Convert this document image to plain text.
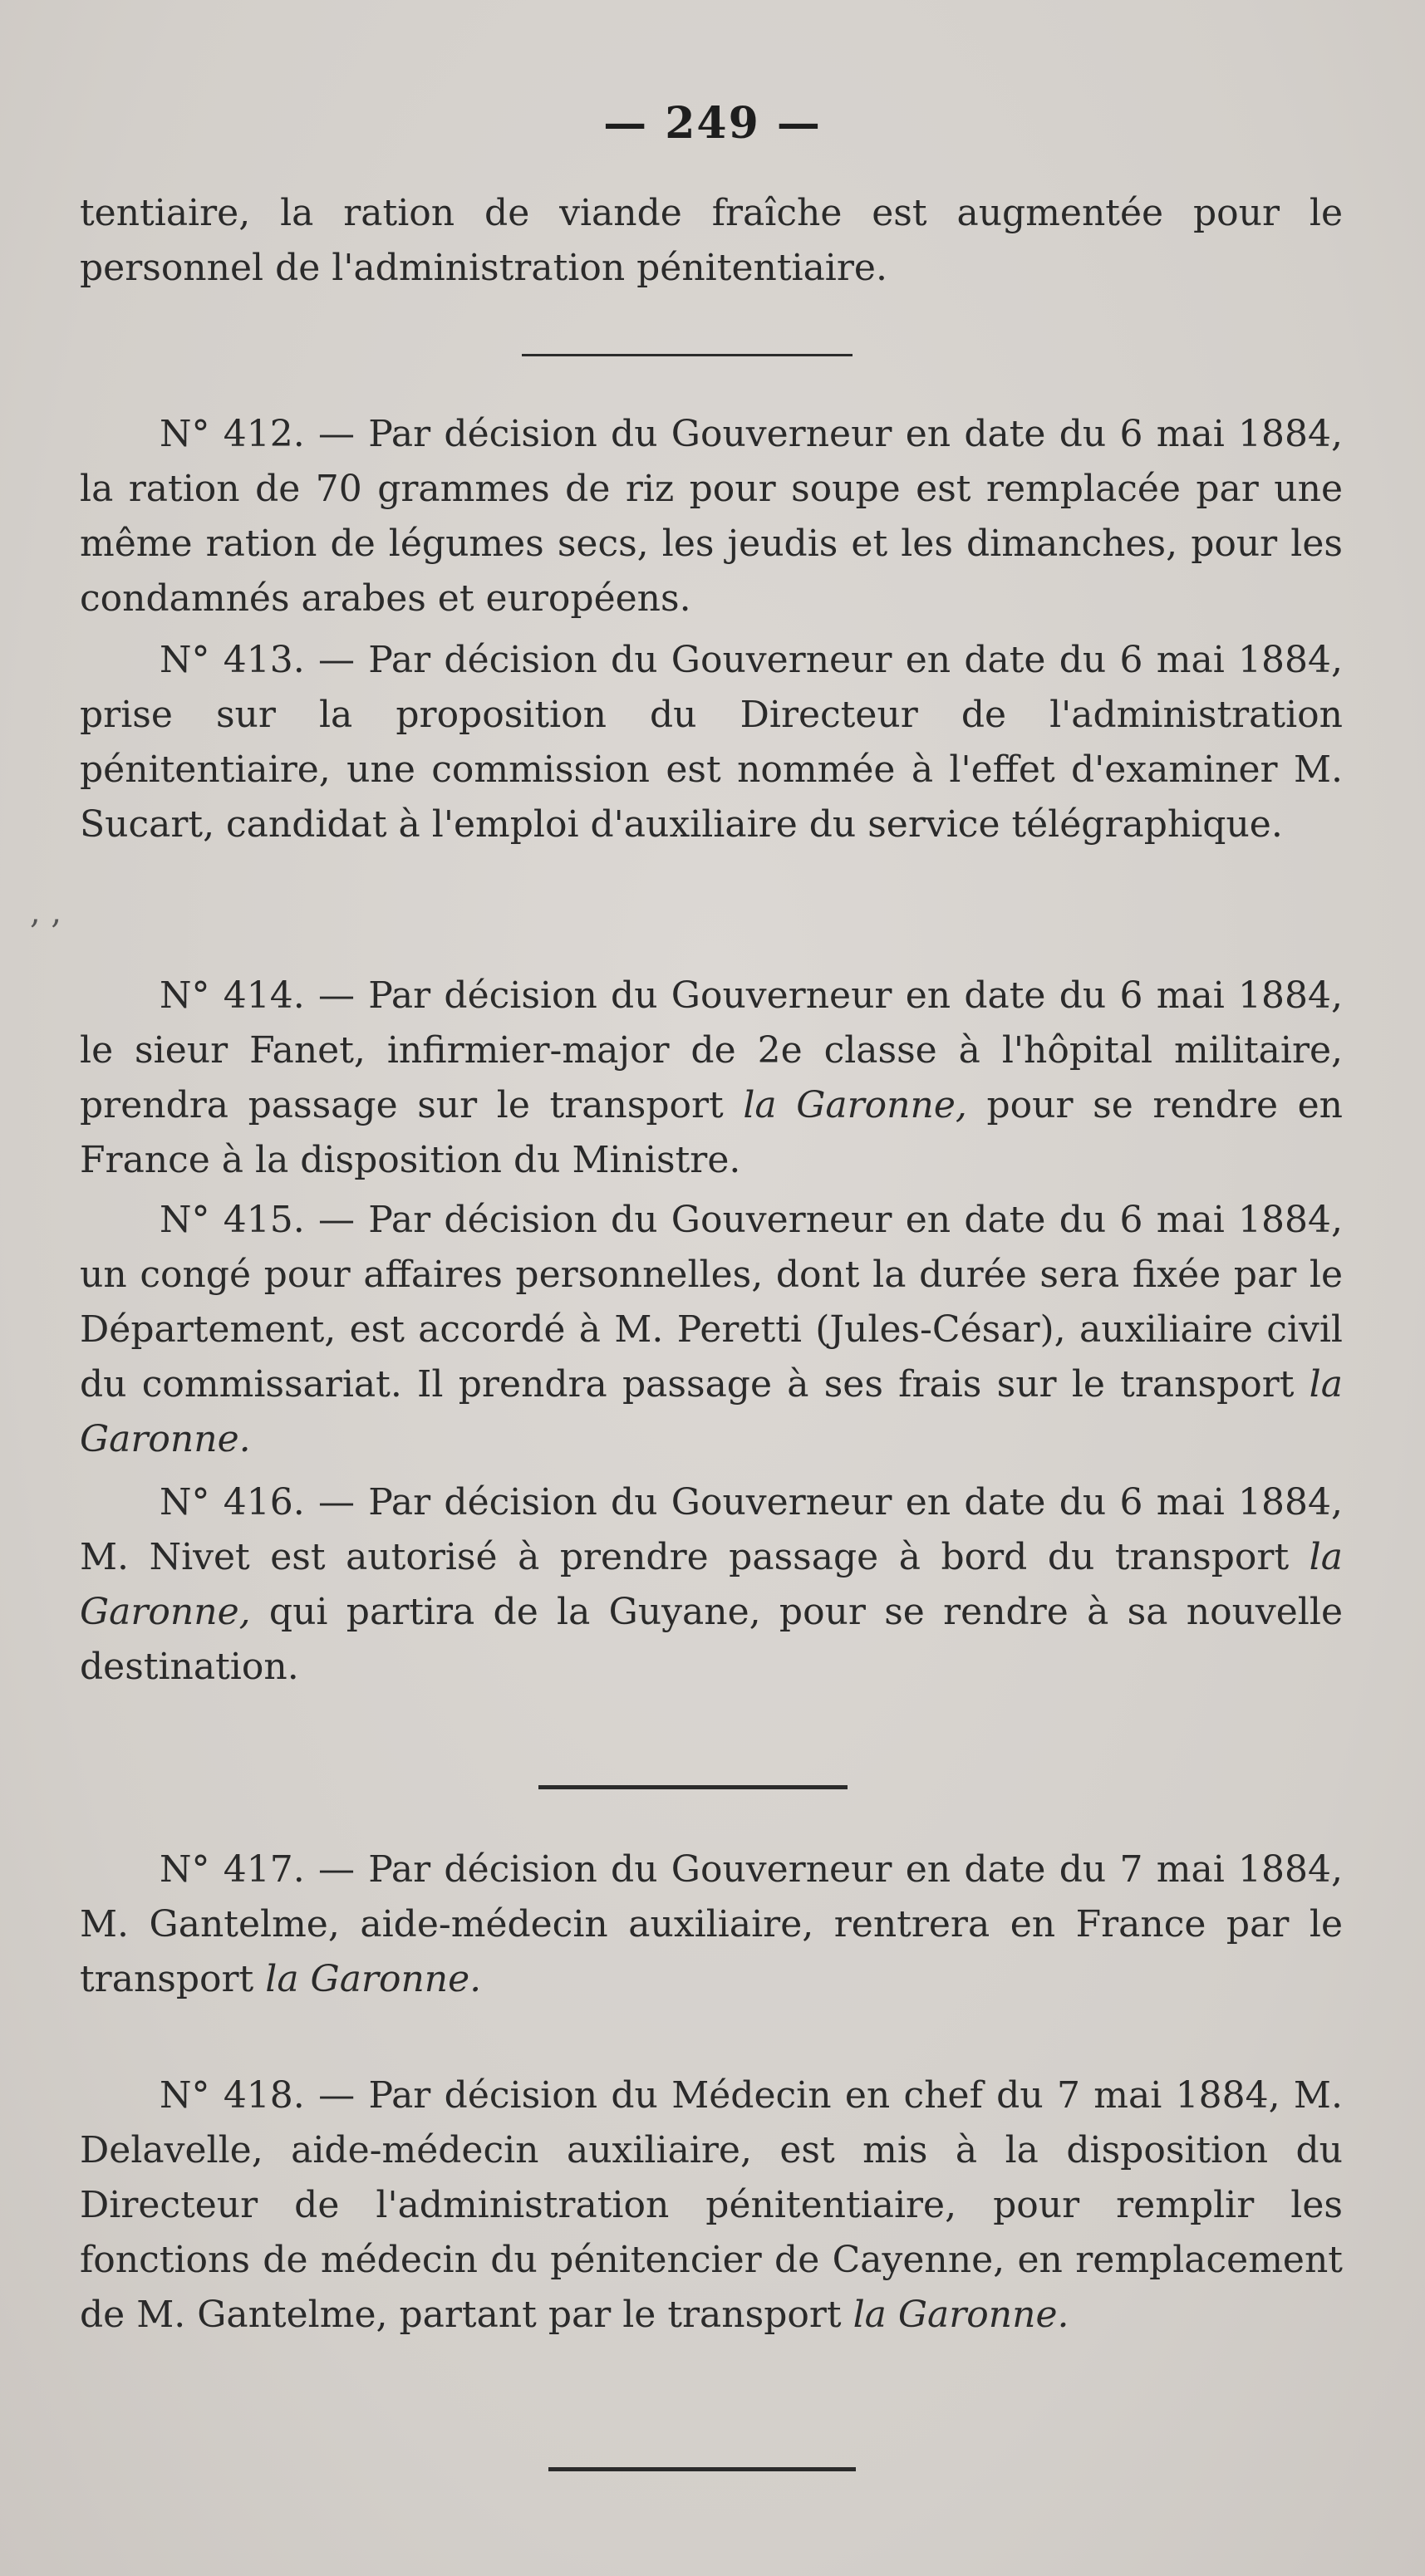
— 249 —

tentiaire, la ration de viande fraîche est augmentée pour le personnel de l'administration pénitentiaire.

N° 412. — Par décision du Gouverneur en date du 6 mai 1884, la ration de 70 grammes de riz pour soupe est remplacée par une même ration de légumes secs, les jeudis et les dimanches, pour les condamnés arabes et européens.

N° 413. — Par décision du Gouverneur en date du 6 mai 1884, prise sur la proposition du Directeur de l'administration pénitentiaire, une commission est nommée à l'effet d'examiner M. Sucart, candidat à l'emploi d'auxiliaire du service télégraphique.

, ,

N° 414. — Par décision du Gouverneur en date du 6 mai 1884, le sieur Fanet, infirmier-major de 2e classe à l'hôpital militaire, prendra passage sur le transport la Garonne, pour se rendre en France à la disposition du Ministre.

N° 415. — Par décision du Gouverneur en date du 6 mai 1884, un congé pour affaires personnelles, dont la durée sera fixée par le Département, est accordé à M. Peretti (Jules-César), auxiliaire civil du commissariat. Il prendra passage à ses frais sur le transport la Garonne.

N° 416. — Par décision du Gouverneur en date du 6 mai 1884, M. Nivet est autorisé à prendre passage à bord du transport la Garonne, qui partira de la Guyane, pour se rendre à sa nouvelle destination.

N° 417. — Par décision du Gouverneur en date du 7 mai 1884, M. Gantelme, aide-médecin auxiliaire, rentrera en France par le transport la Garonne.

N° 418. — Par décision du Médecin en chef du 7 mai 1884, M. Delavelle, aide-médecin auxiliaire, est mis à la disposition du Directeur de l'administration pénitentiaire, pour remplir les fonctions de médecin du pénitencier de Cayenne, en remplacement de M. Gantelme, partant par le transport la Garonne.
